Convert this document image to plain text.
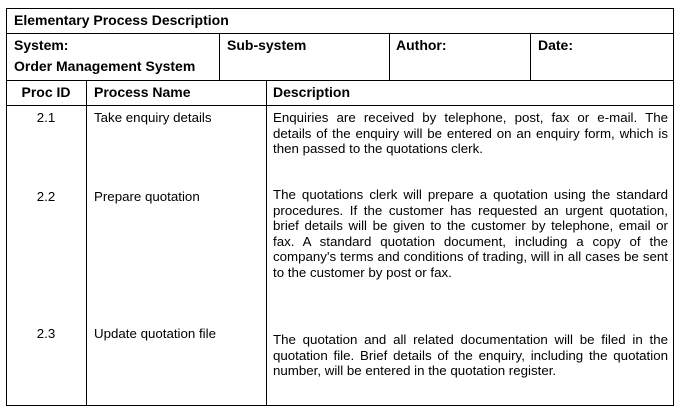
Elementary Process Description
System:
Order Management System
Sub-system	Author:	Date:
Proc ID	Process Name	Description
2.1	Take enquiry details	Enquiries are received by telephone, post, fax or e-mail. The details of the enquiry will be entered on an enquiry form, which is then passed to the quotations clerk.
2.2	Prepare quotation	The quotations clerk will prepare a quotation using the standard procedures. If the customer has requested an urgent quotation, brief details will be given to the customer by telephone, email or fax. A standard quotation document, including a copy of the company's terms and conditions of trading, will in all cases be sent to the customer by post or fax.
2.3	Update quotation file	The quotation and all related documentation will be filed in the quotation file. Brief details of the enquiry, including the quotation number, will be entered in the quotation register.
